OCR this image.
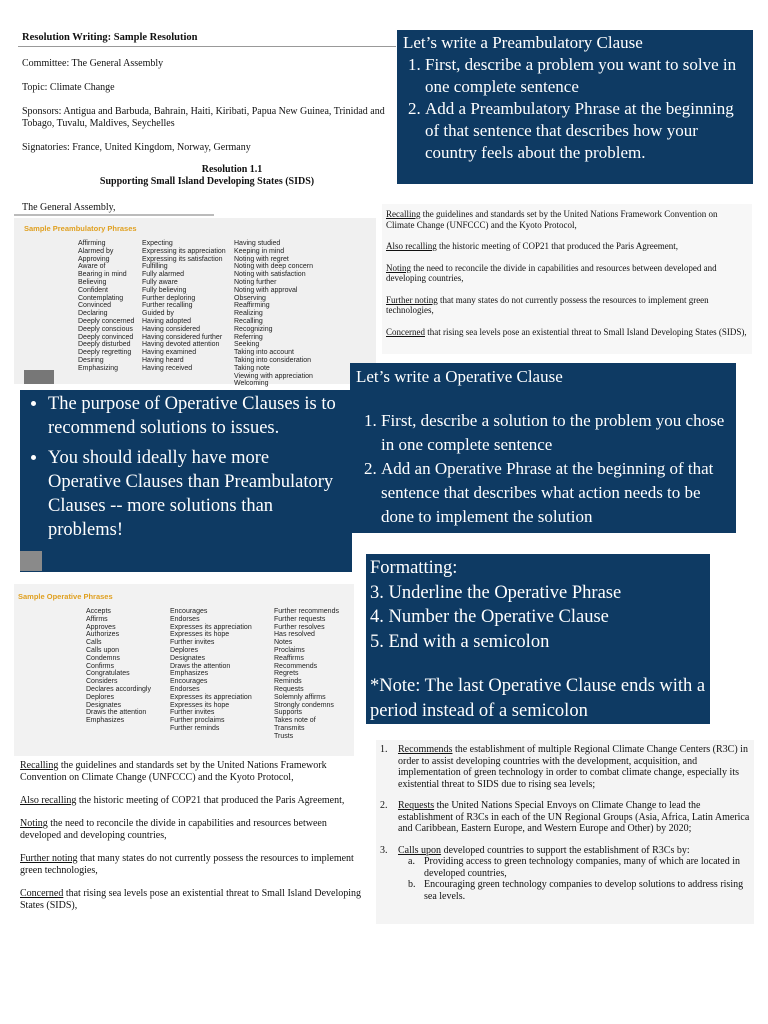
Resolution Writing: Sample Resolution
Committee: The General Assembly
Topic: Climate Change
Sponsors: Antigua and Barbuda, Bahrain, Haiti, Kiribati, Papua New Guinea, Trinidad and Tobago, Tuvalu, Maldives, Seychelles
Signatories: France, United Kingdom, Norway, Germany
Resolution 1.1
Supporting Small Island Developing States (SIDS)
The General Assembly,
Let’s write a Preambulatory Clause
1. First, describe a problem you want to solve in one complete sentence
2. Add a Preambulatory Phrase at the beginning of that sentence that describes how your country feels about the problem.
Sample Preambulatory Phrases
Affirming
Alarmed by
Approving
Aware of
Bearing in mind
Believing
Confident
Contemplating
Convinced
Declaring
Deeply concerned
Deeply conscious
Deeply convinced
Deeply disturbed
Deeply regretting
Desiring
Emphasizing
Expecting
Expressing its appreciation
Expressing its satisfaction
Fulfilling
Fully alarmed
Fully aware
Fully believing
Further deploring
Further recalling
Guided by
Having adopted
Having considered
Having considered further
Having devoted attention
Having examined
Having heard
Having received
Having studied
Keeping in mind
Noting with regret
Noting with deep concern
Noting with satisfaction
Noting further
Noting with approval
Observing
Reaffirming
Realizing
Recalling
Recognizing
Referring
Seeking
Taking into account
Taking into consideration
Taking note
Viewing with appreciation
Welcoming

Recalling the guidelines and standards set by the United Nations Framework Convention on Climate Change (UNFCCC) and the Kyoto Protocol,

Also recalling the historic meeting of COP21 that produced the Paris Agreement,

Noting the need to reconcile the divide in capabilities and resources between developed and developing countries,

Further noting that many states do not currently possess the resources to implement green technologies,

Concerned that rising sea levels pose an existential threat to Small Island Developing States (SIDS),

Let’s write a Operative Clause
1. First, describe a solution to the problem you chose in one complete sentence
2. Add an Operative Phrase at the beginning of that sentence that describes what action needs to be done to implement the solution
• The purpose of Operative Clauses is to recommend solutions to issues.
• You should ideally have more Operative Clauses than Preambulatory Clauses -- more solutions than problems!
Formatting:
3. Underline the Operative Phrase
4. Number the Operative Clause
5. End with a semicolon
*Note: The last Operative Clause ends with a period instead of a semicolon
Sample Operative Phrases
Accepts
Affirms
Approves
Authorizes
Calls
Calls upon
Condemns
Confirms
Congratulates
Considers
Declares accordingly
Deplores
Designates
Draws the attention
Emphasizes
Encourages
Endorses
Expresses its appreciation
Expresses its hope
Further invites
Deplores
Designates
Draws the attention
Emphasizes
Encourages
Endorses
Expresses its appreciation
Expresses its hope
Further invites
Further proclaims
Further reminds
Further recommends
Further requests
Further resolves
Has resolved
Notes
Proclaims
Reaffirms
Recommends
Regrets
Reminds
Requests
Solemnly affirms
Strongly condemns
Supports
Takes note of
Transmits
Trusts

Recalling the guidelines and standards set by the United Nations Framework Convention on Climate Change (UNFCCC) and the Kyoto Protocol,

Also recalling the historic meeting of COP21 that produced the Paris Agreement,

Noting the need to reconcile the divide in capabilities and resources between developed and developing countries,

Further noting that many states do not currently possess the resources to implement green technologies,

Concerned that rising sea levels pose an existential threat to Small Island Developing States (SIDS),

1. Recommends the establishment of multiple Regional Climate Change Centers (R3C) in order to assist developing countries with the development, acquisition, and implementation of green technology in order to combat climate change, especially its existential threat to SIDS due to rising sea levels;
2. Requests the United Nations Special Envoys on Climate Change to lead the establishment of R3Cs in each of the UN Regional Groups (Asia, Africa, Latin America and Caribbean, Eastern Europe, and Western Europe and Other) by 2020;
3. Calls upon developed countries to support the establishment of R3Cs by:
a. Providing access to green technology companies, many of which are located in developed countries,
b. Encouraging green technology companies to develop solutions to address rising sea levels.
